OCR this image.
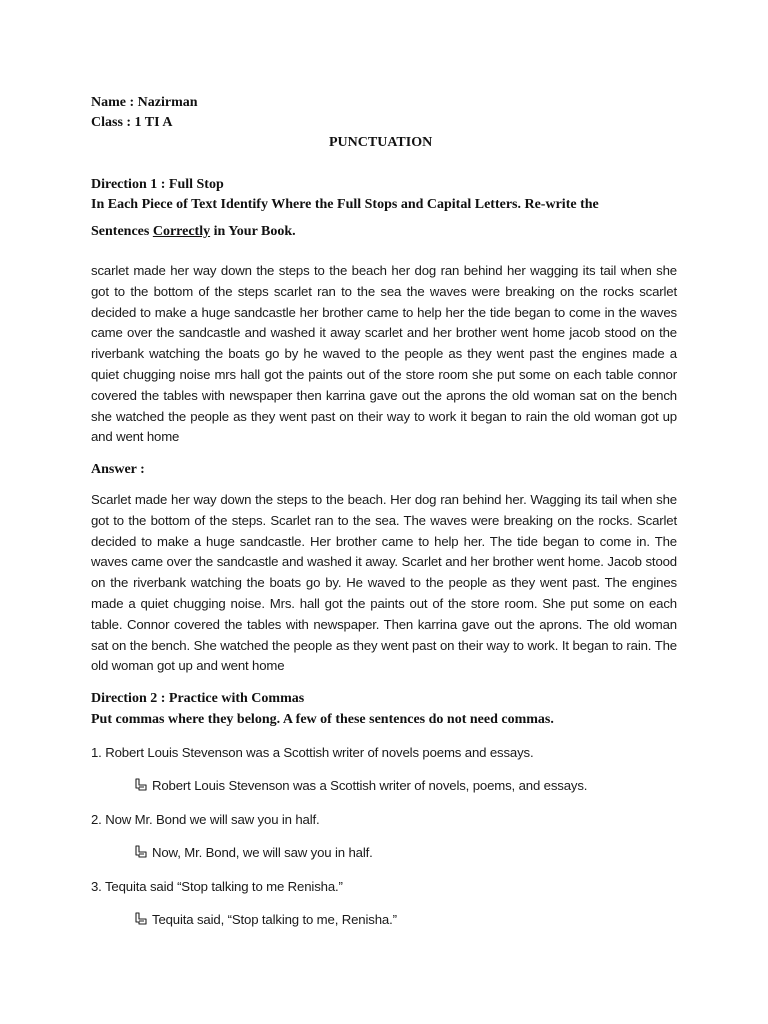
Name : Nazirman
Class : 1 TI A
PUNCTUATION
Direction 1 : Full Stop
In Each Piece of Text Identify Where the Full Stops and Capital Letters. Re-write the
Sentences Correctly in Your Book.
scarlet made her way down the steps to the beach her dog ran behind her wagging its tail when she got to the bottom of the steps scarlet ran to the sea the waves were breaking on the rocks scarlet decided to make a huge sandcastle her brother came to help her the tide began to come in the waves came over the sandcastle and washed it away scarlet and her brother went home jacob stood on the riverbank watching the boats go by he waved to the people as they went past the engines made a quiet chugging noise mrs hall got the paints out of the store room she put some on each table connor covered the tables with newspaper then karrina gave out the aprons the old woman sat on the bench she watched the people as they went past on their way to work it began to rain the old woman got up and went home
Answer :
Scarlet made her way down the steps to the beach. Her dog ran behind her. Wagging its tail when she got to the bottom of the steps. Scarlet ran to the sea. The waves were breaking on the rocks. Scarlet decided to make a huge sandcastle. Her brother came to help her. The tide began to come in. The waves came over the sandcastle and washed it away. Scarlet and her brother went home. Jacob stood on the riverbank watching the boats go by. He waved to the people as they went past. The engines made a quiet chugging noise. Mrs. hall got the paints out of the store room. She put some on each table. Connor covered the tables with newspaper. Then karrina gave out the aprons. The old woman sat on the bench. She watched the people as they went past on their way to work. It began to rain. The old woman got up and went home
Direction 2 : Practice with Commas
Put commas where they belong. A few of these sentences do not need commas.
1. Robert Louis Stevenson was a Scottish writer of novels poems and essays.
Robert Louis Stevenson was a Scottish writer of novels, poems, and essays.
2. Now Mr. Bond we will saw you in half.
Now, Mr. Bond, we will saw you in half.
3. Tequita said “Stop talking to me Renisha.”
Tequita said, “Stop talking to me, Renisha.”
